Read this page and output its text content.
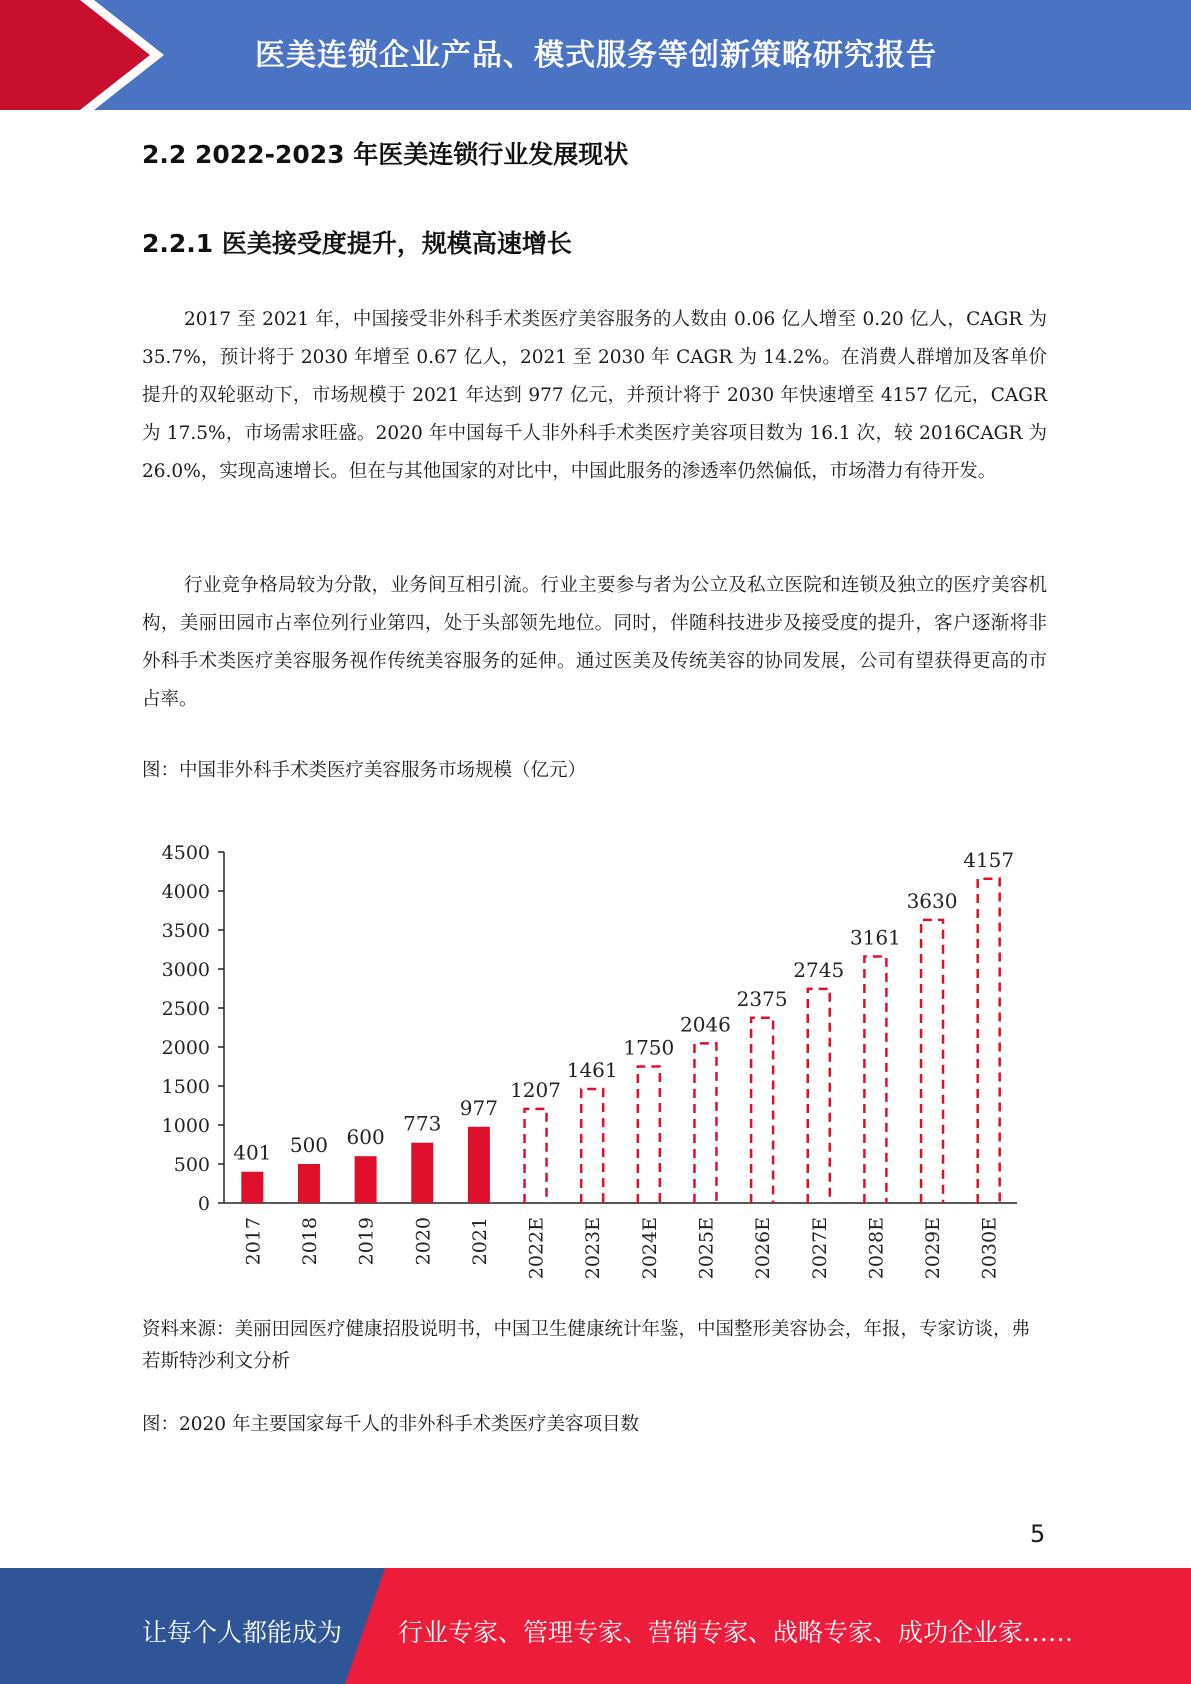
医美连锁企业产品、模式服务等创新策略研究报告
2.2 2022-2023 年医美连锁行业发展现状
2.2.1 医美接受度提升，规模高速增长

2017 至 2021 年，中国接受非外科手术类医疗美容服务的人数由 0.06 亿人增至 0.20 亿人，CAGR 为 35.7%，预计将于 2030 年增至 0.67 亿人，2021 至 2030 年 CAGR 为 14.2%。在消费人群增加及客单价提升的双轮驱动下，市场规模于 2021 年达到 977 亿元，并预计将于 2030 年快速增至 4157 亿元，CAGR 为 17.5%，市场需求旺盛。2020 年中国每千人非外科手术类医疗美容项目数为 16.1 次，较 2016CAGR 为 26.0%，实现高速增长。但在与其他国家的对比中，中国此服务的渗透率仍然偏低，市场潜力有待开发。

行业竞争格局较为分散，业务间互相引流。行业主要参与者为公立及私立医院和连锁及独立的医疗美容机构，美丽田园市占率位列行业第四，处于头部领先地位。同时，伴随科技进步及接受度的提升，客户逐渐将非外科手术类医疗美容服务视作传统美容服务的延伸。通过医美及传统美容的协同发展，公司有望获得更高的市占率。

图：中国非外科手术类医疗美容服务市场规模（亿元）

0
500
1000
1500
2000
2500
3000
3500
4000
4500
401
2017
500
2018
600
2019
773
2020
977
2021
1207
2022E
1461
2023E
1750
2024E
2046
2025E
2375
2026E
2745
2027E
3161
2028E
3630
2029E
4157
2030E

资料来源：美丽田园医疗健康招股说明书，中国卫生健康统计年鉴，中国整形美容协会，年报，专家访谈，弗若斯特沙利文分析

图：2020 年主要国家每千人的非外科手术类医疗美容项目数

5
让每个人都能成为 行业专家、管理专家、营销专家、战略专家、成功企业家……
